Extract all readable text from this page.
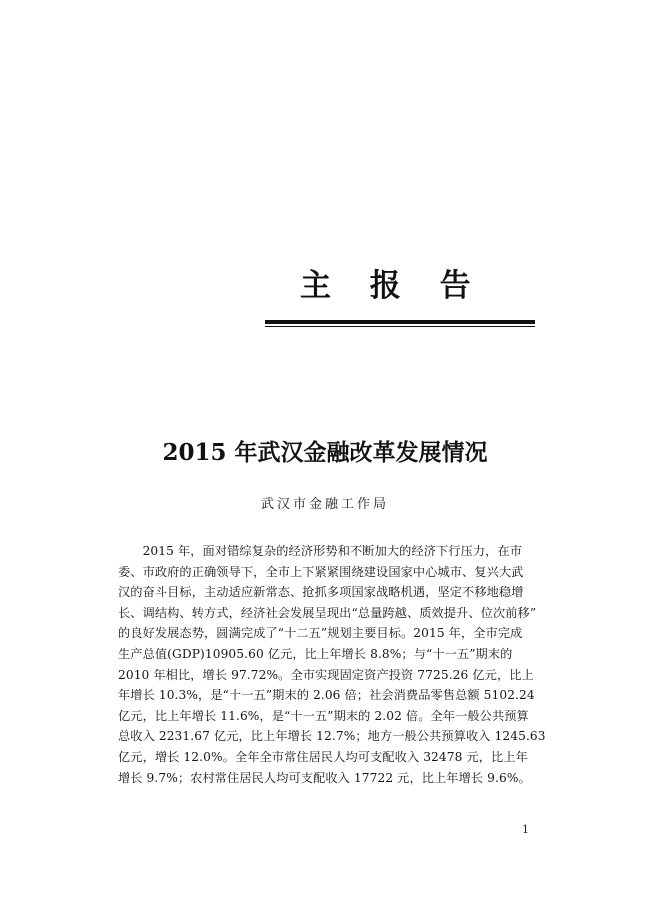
主 报 告
2015 年武汉金融改革发展情况
武汉市金融工作局
　　2015 年，面对错综复杂的经济形势和不断加大的经济下行压力，在市
委、市政府的正确领导下，全市上下紧紧围绕建设国家中心城市、复兴大武
汉的奋斗目标，主动适应新常态、抢抓多项国家战略机遇，坚定不移地稳增
长、调结构、转方式，经济社会发展呈现出“总量跨越、质效提升、位次前移”
的良好发展态势，圆满完成了“十二五”规划主要目标。2015 年，全市完成
生产总值(GDP)10905.60 亿元，比上年增长 8.8%；与“十一五”期末的
2010 年相比，增长 97.72%。全市实现固定资产投资 7725.26 亿元，比上
年增长 10.3%，是“十一五”期末的 2.06 倍；社会消费品零售总额 5102.24
亿元，比上年增长 11.6%，是“十一五”期末的 2.02 倍。全年一般公共预算
总收入 2231.67 亿元，比上年增长 12.7%；地方一般公共预算收入 1245.63
亿元，增长 12.0%。全年全市常住居民人均可支配收入 32478 元，比上年
增长 9.7%；农村常住居民人均可支配收入 17722 元，比上年增长 9.6%。
1
